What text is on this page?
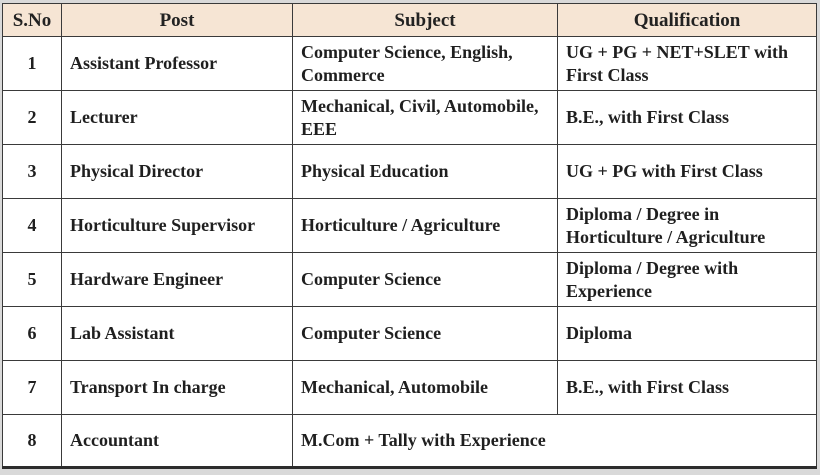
S.No	Post	Subject	Qualification
1	Assistant Professor	Computer Science, English, Commerce	UG + PG + NET+SLET with First Class
2	Lecturer	Mechanical, Civil, Automobile, EEE	B.E., with First Class
3	Physical Director	Physical Education	UG + PG with First Class
4	Horticulture Supervisor	Horticulture / Agriculture	Diploma / Degree in Horticulture / Agriculture
5	Hardware Engineer	Computer Science	Diploma / Degree with Experience
6	Lab Assistant	Computer Science	Diploma
7	Transport In charge	Mechanical, Automobile	B.E., with First Class
8	Accountant	M.Com + Tally with Experience	
